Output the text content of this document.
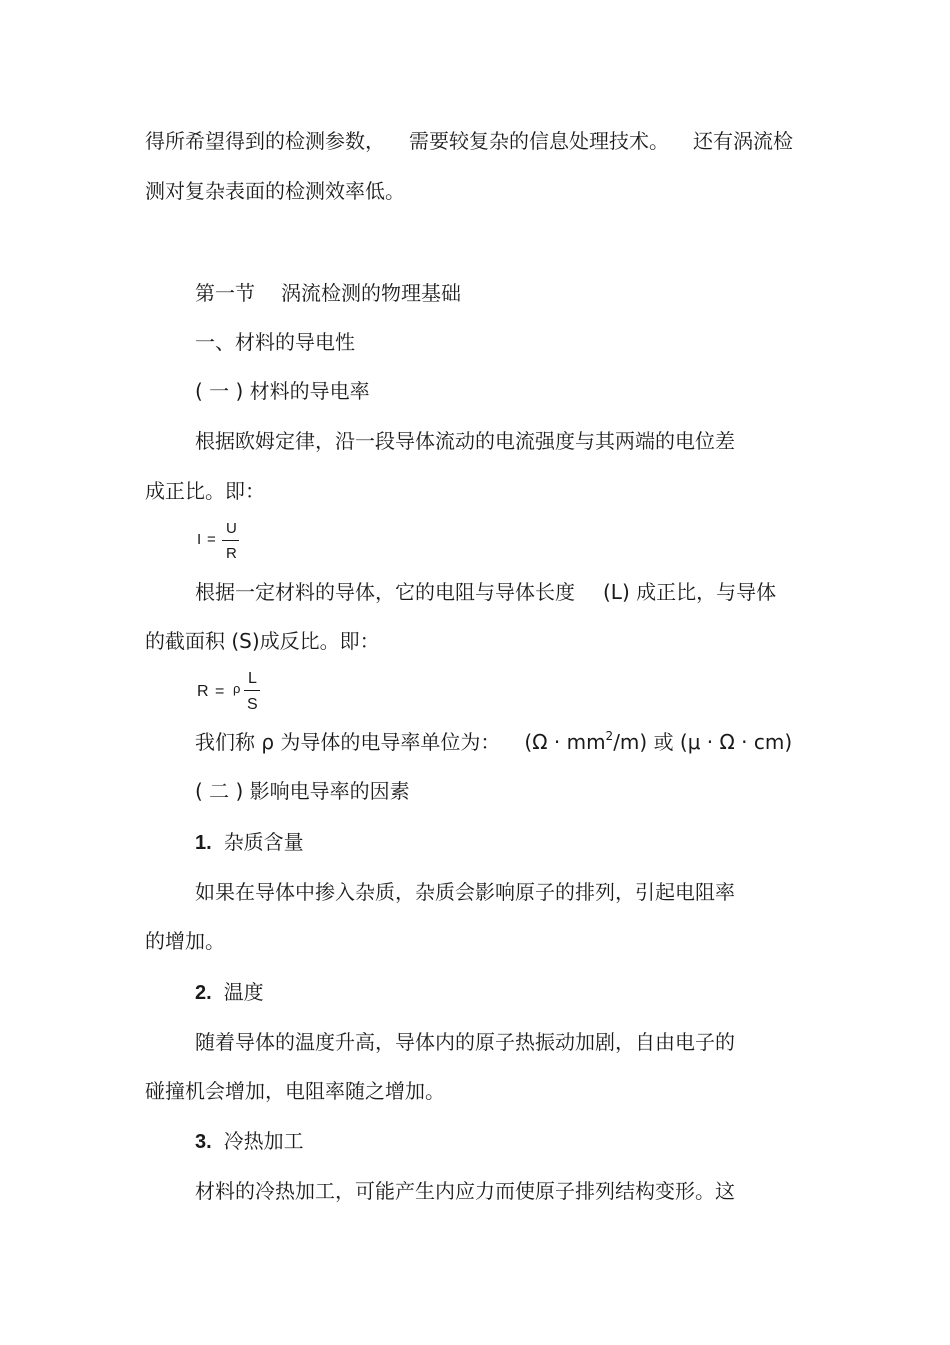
得所希望得到的检测参数， 需要较复杂的信息处理技术。 还有涡流检
测对复杂表面的检测效率低。
第一节 涡流检测的物理基础
一、材料的导电性
( 一 ) 材料的导电率
根据欧姆定律，沿一段导体流动的电流强度与其两端的电位差
成正比。即：
I =
U
R
根据一定材料的导体，它的电阻与导体长度 (L) 成正比，与导体
的截面积 (S)成反比。即：
R = ρ
L
S
我们称 ρ 为导体的电导率单位为： $(\Omega \cdot mm^2/m)$ 或 (μ · Ω · cm)
( 二 ) 影响电导率的因素
1. 杂质含量
如果在导体中掺入杂质，杂质会影响原子的排列，引起电阻率
的增加。
2. 温度
随着导体的温度升高，导体内的原子热振动加剧，自由电子的
碰撞机会增加，电阻率随之增加。
3. 冷热加工
材料的冷热加工，可能产生内应力而使原子排列结构变形。这
